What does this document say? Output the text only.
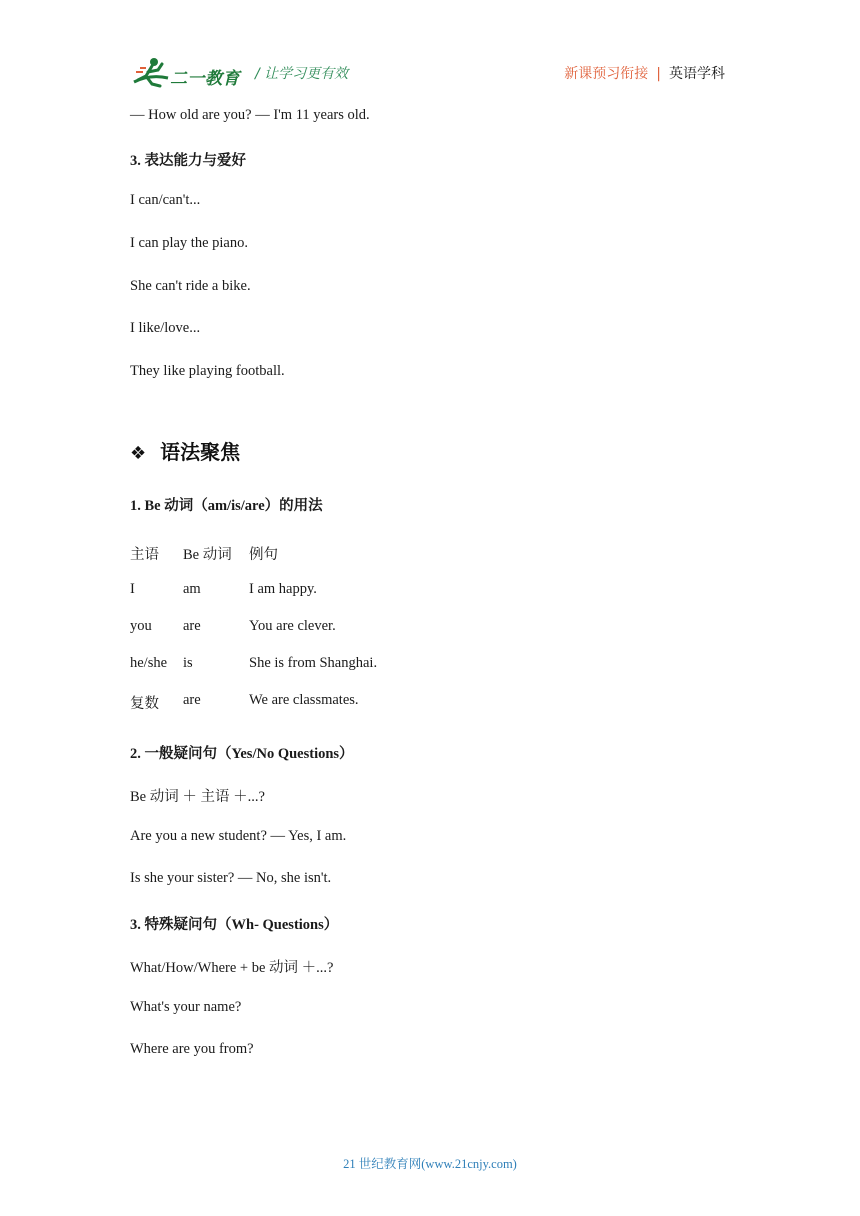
二一教育 / 让学习更有效	新课预习衔接 | 英语学科
— How old are you? — I'm 11 years old.
3. 表达能力与爱好
I can/can't...
I can play the piano.
She can't ride a bike.
I like/love...
They like playing football.
❖ 语法聚焦
1. Be 动词（am/is/are）的用法
主语 Be 动词 例句
I	am	I am happy.
you are	You are clever.
he/she is	She is from Shanghai.
复数 are	We are classmates.
2. 一般疑问句（Yes/No Questions）
Be 动词 ＋ 主语 ＋...?
Are you a new student? — Yes, I am.
Is she your sister? — No, she isn't.
3. 特殊疑问句（Wh- Questions）
What/How/Where + be 动词 ＋...?
What's your name?
Where are you from?
21 世纪教育网(www.21cnjy.com)
